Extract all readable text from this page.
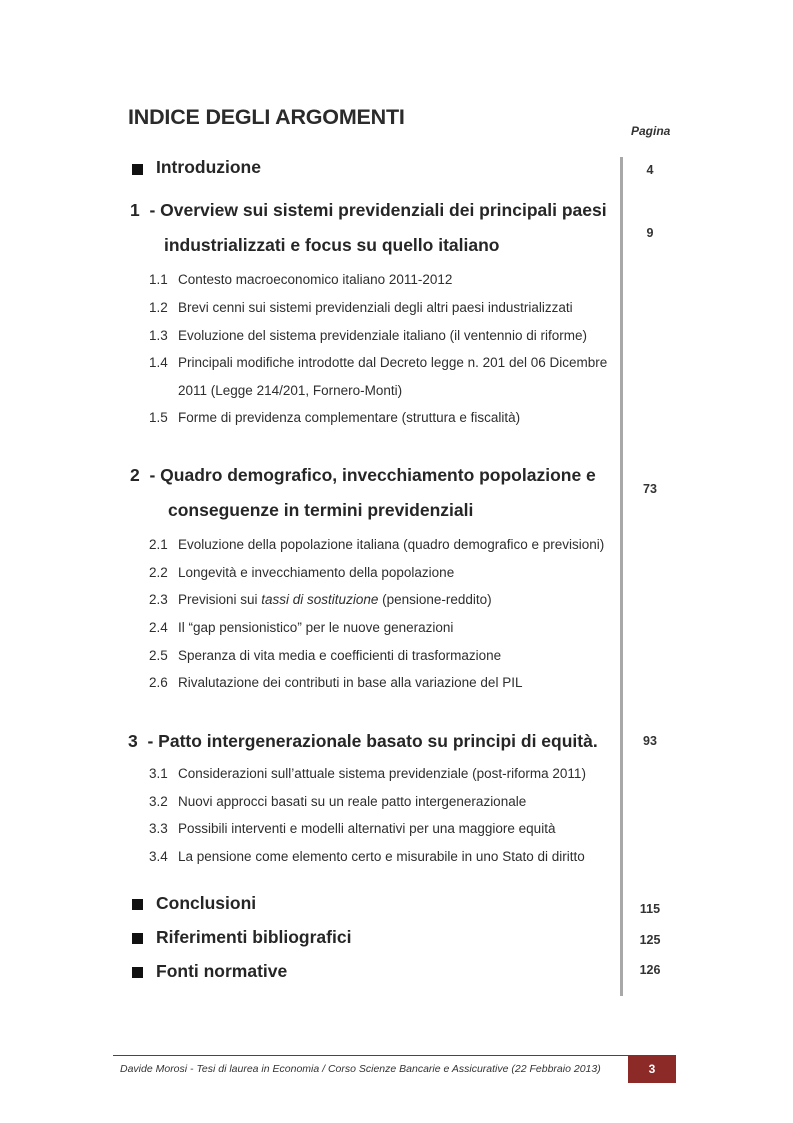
INDICE DEGLI ARGOMENTI
Pagina
Introduzione	4
1 - Overview sui sistemi previdenziali dei principali paesi
industrializzati e focus su quello italiano
9
1.1 Contesto macroeconomico italiano 2011-2012
1.2 Brevi cenni sui sistemi previdenziali degli altri paesi industrializzati
1.3 Evoluzione del sistema previdenziale italiano (il ventennio di riforme)
1.4 Principali modifiche introdotte dal Decreto legge n. 201 del 06 Dicembre
2011 (Legge 214/201, Fornero-Monti)
1.5 Forme di previdenza complementare (struttura e fiscalità)
2 - Quadro demografico, invecchiamento popolazione e
conseguenze in termini previdenziali
73
2.1 Evoluzione della popolazione italiana (quadro demografico e previsioni)
2.2 Longevità e invecchiamento della popolazione
2.3 Previsioni sui tassi di sostituzione (pensione-reddito)
2.4 Il “gap pensionistico” per le nuove generazioni
2.5 Speranza di vita media e coefficienti di trasformazione
2.6 Rivalutazione dei contributi in base alla variazione del PIL
3 - Patto intergenerazionale basato su principi di equità.	93
3.1 Considerazioni sull’attuale sistema previdenziale (post-riforma 2011)
3.2 Nuovi approcci basati su un reale patto intergenerazionale
3.3 Possibili interventi e modelli alternativi per una maggiore equità
3.4 La pensione come elemento certo e misurabile in uno Stato di diritto
Conclusioni	115
Riferimenti bibliografici	125
Fonti normative	126
Davide Morosi - Tesi di laurea in Economia / Corso Scienze Bancarie e Assicurative (22 Febbraio 2013)	3
